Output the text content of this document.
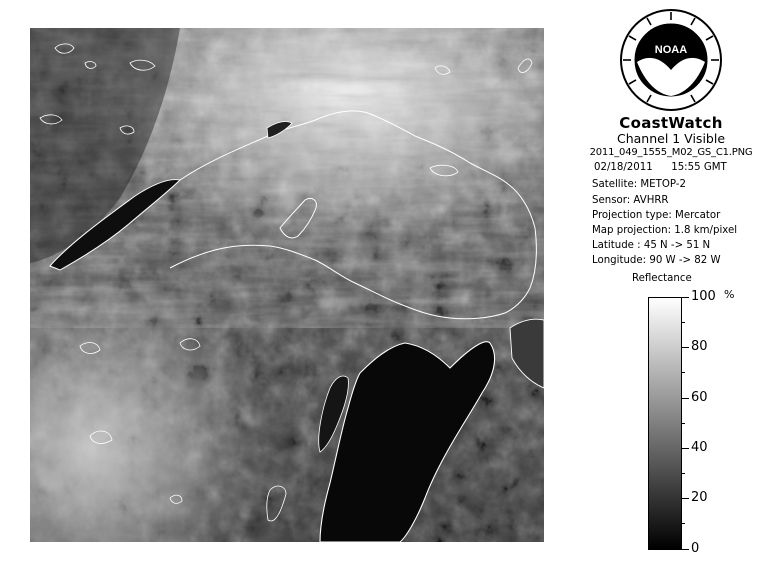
NOAA
CoastWatch
Channel 1 Visible
2011_049_1555_M02_GS_C1.PNG
02/18/2011 15:55 GMT
Satellite: METOP-2
Sensor: AVHRR
Projection type: Mercator
Map projection: 1.8 km/pixel
Latitude : 45 N -> 51 N
Longitude: 90 W -> 82 W
Reflectance
%
100
80
60
40
20
0
